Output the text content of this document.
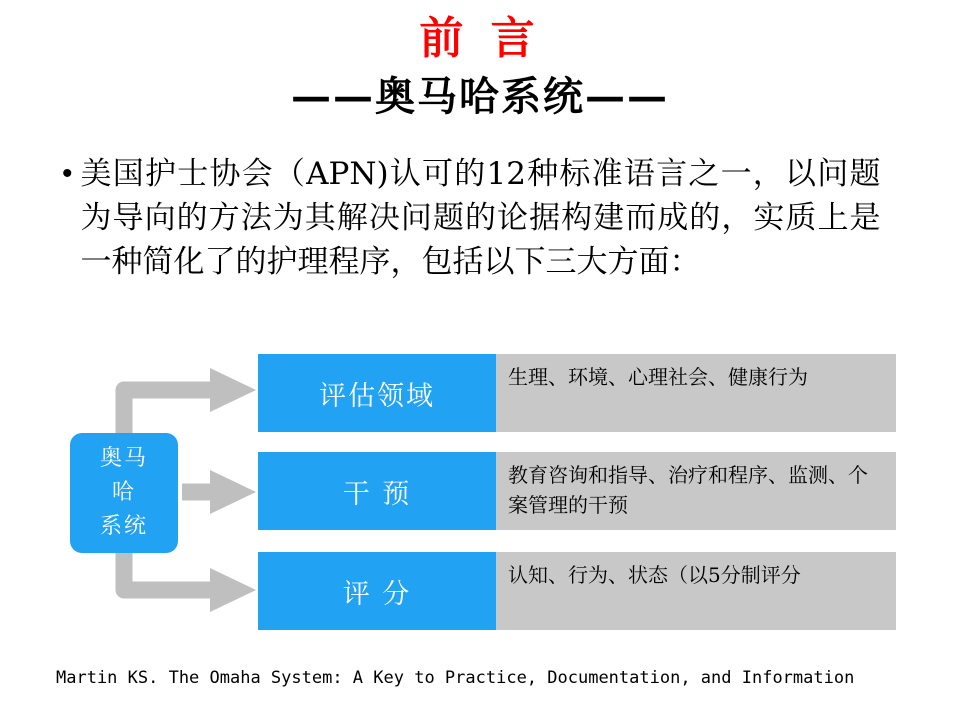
前 言
——奥马哈系统——
• 美国护士协会（APN)认可的12种标准语言之一，以问题为导向的方法为其解决问题的论据构建而成的，实质上是一种简化了的护理程序，包括以下三大方面：
奥马
哈
系统
评估领域
生理、环境、心理社会、健康行为
干 预
教育咨询和指导、治疗和程序、监测、个案管理的干预
评 分
认知、行为、状态（以5分制评分
Martin KS. The Omaha System: A Key to Practice, Documentation, and Information
